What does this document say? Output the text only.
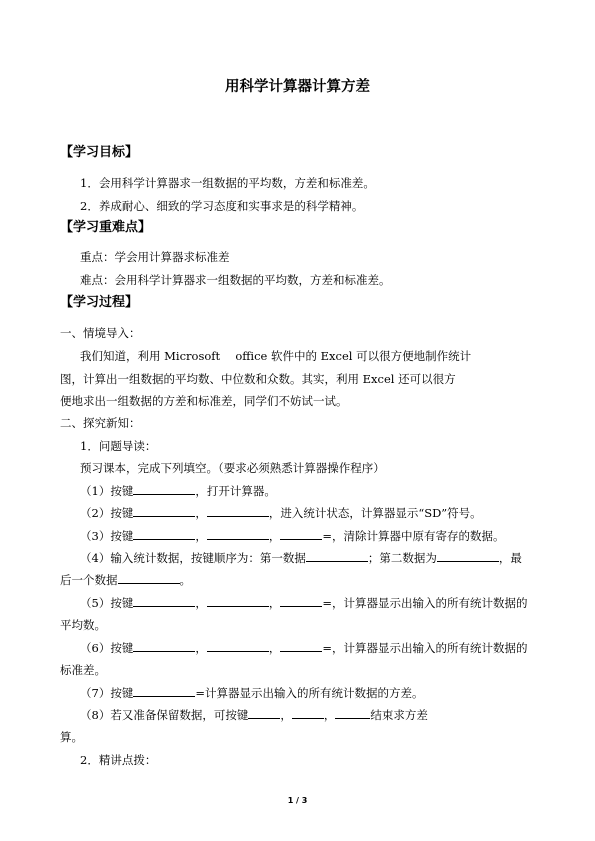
用科学计算器计算方差
【学习目标】
1．会用科学计算器求一组数据的平均数，方差和标准差。
2．养成耐心、细致的学习态度和实事求是的科学精神。
【学习重难点】
重点：学会用计算器求标准差
难点：会用科学计算器求一组数据的平均数，方差和标准差。
【学习过程】
一、情境导入：
我们知道，利用 Microsoft　 office 软件中的 Excel 可以很方便地制作统计
图，计算出一组数据的平均数、中位数和众数。其实，利用 Excel 还可以很方
便地求出一组数据的方差和标准差，同学们不妨试一试。
二、探究新知：
1．问题导读：
预习课本，完成下列填空。（要求必须熟悉计算器操作程序）
（1）按键	，打开计算器。
（2）按键	，	，进入统计状态，计算器显示“SD”符号。
（3）按键	，	，	=，清除计算器中原有寄存的数据。
（4）输入统计数据，按键顺序为：第一数据	；第二数据为	，最
后一个数据	。
（5）按键	，	，	=，计算器显示出输入的所有统计数据的
平均数。
（6）按键	，	，	=，计算器显示出输入的所有统计数据的
标准差。
（7）按键	=计算器显示出输入的所有统计数据的方差。
（8）若又准备保留数据，可按键	，	，	结束求方差
算。
2．精讲点拨：
1 / 3
